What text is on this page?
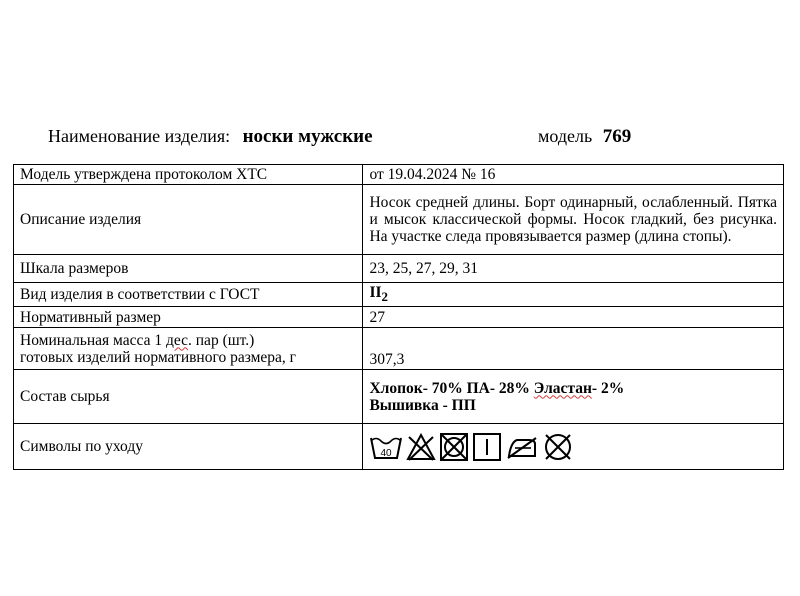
Наименование изделия: носки мужские	модель 769
Модель утверждена протоколом ХТС	от 19.04.2024 № 16
Описание изделия	Носок средней длины. Борт одинарный, ослабленный. Пятка и мысок классической формы. Носок гладкий, без рисунка. На участке следа провязывается размер (длина стопы).
Шкала размеров	23, 25, 27, 29, 31
Вид изделия в соответствии с ГОСТ	$II_2$
Нормативный размер	27
Номинальная масса 1 дес. пар (шт.)
готовых изделий нормативного размера, г	307,3
Состав сырья	Хлопок- 70% ПА- 28% Эластан- 2%
Вышивка - ПП
Символы по уходу	40
